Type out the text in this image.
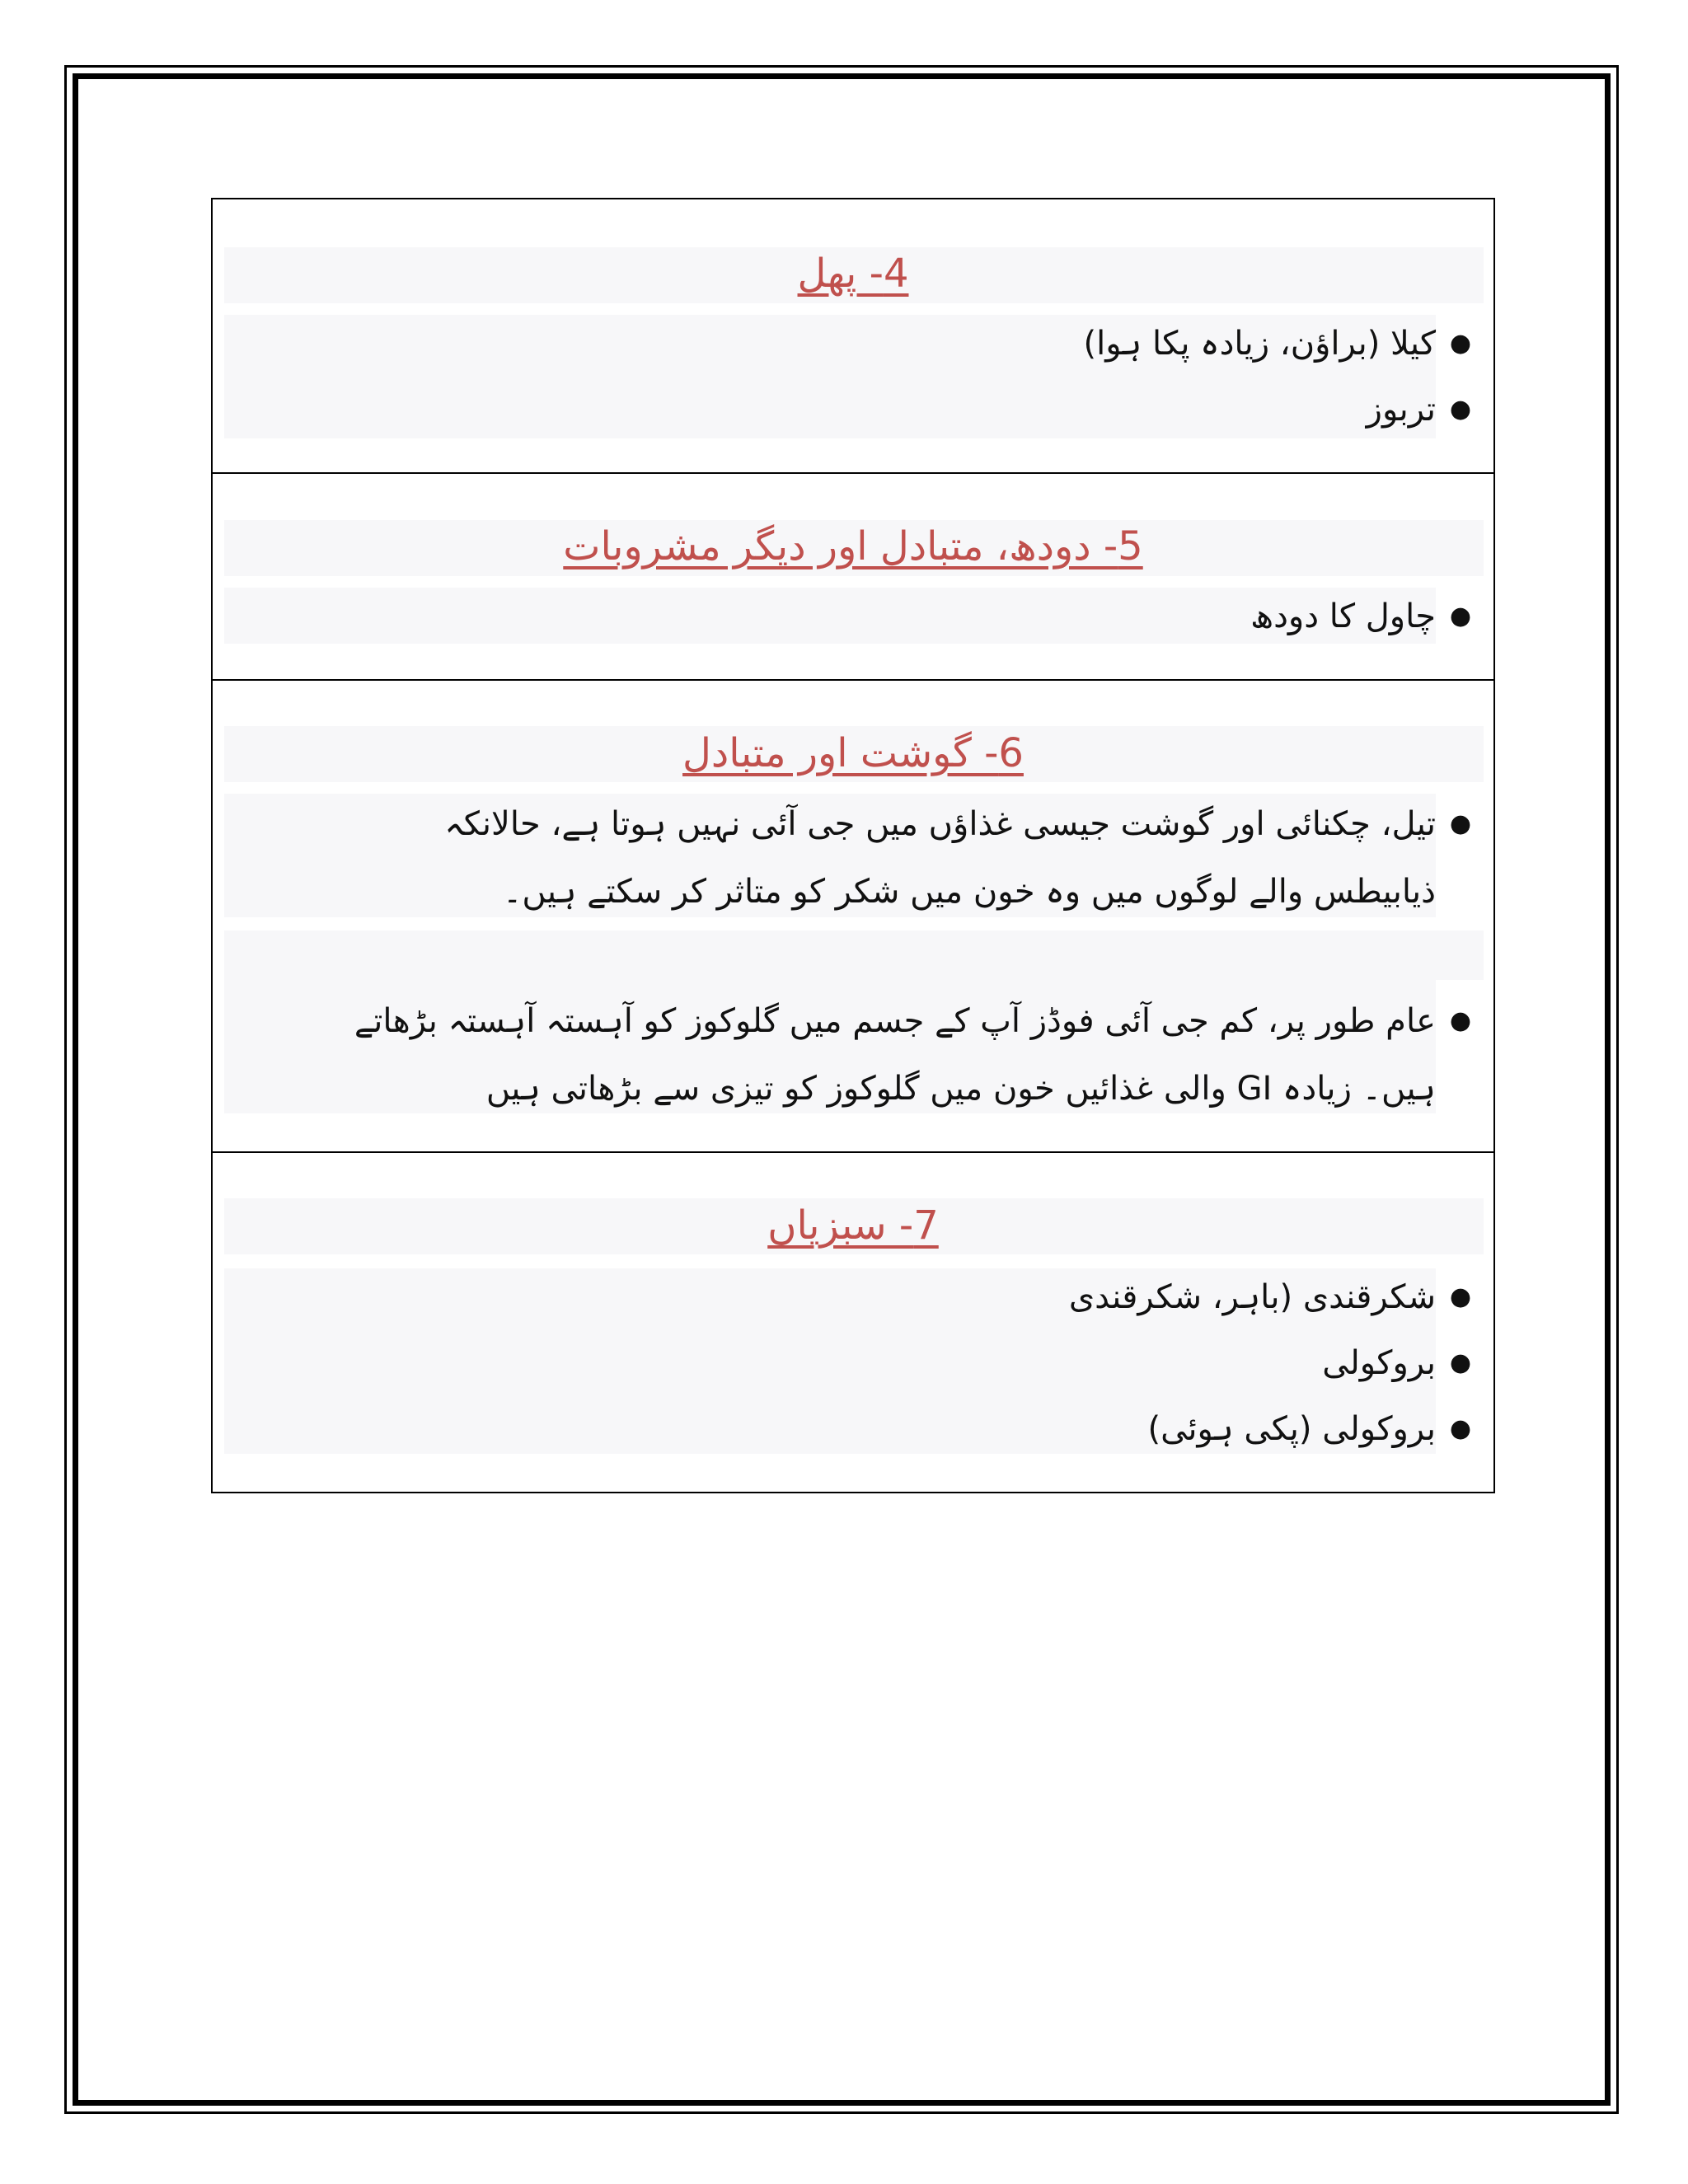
4- پھل
●
کیلا (براؤن، زیادہ پکا ہوا)
●
تربوز
5- دودھ، متبادل اور دیگر مشروبات
●
چاول کا دودھ
6- گوشت اور متبادل
●
تیل، چکنائی اور گوشت جیسی غذاؤں میں جی آئی نہیں ہوتا ہے، حالانکہ ذیابیطس والے لوگوں میں وہ خون میں شکر کو متاثر کر سکتے ہیں۔
●
عام طور پر، کم جی آئی فوڈز آپ کے جسم میں گلوکوز کو آہستہ آہستہ بڑھاتے ہیں۔ زیادہ GI والی غذائیں خون میں گلوکوز کو تیزی سے بڑھاتی ہیں
7- سبزیاں
●
شکرقندی (باہر، شکرقندی
●
بروکولی
●
بروکولی (پکی ہوئی)
